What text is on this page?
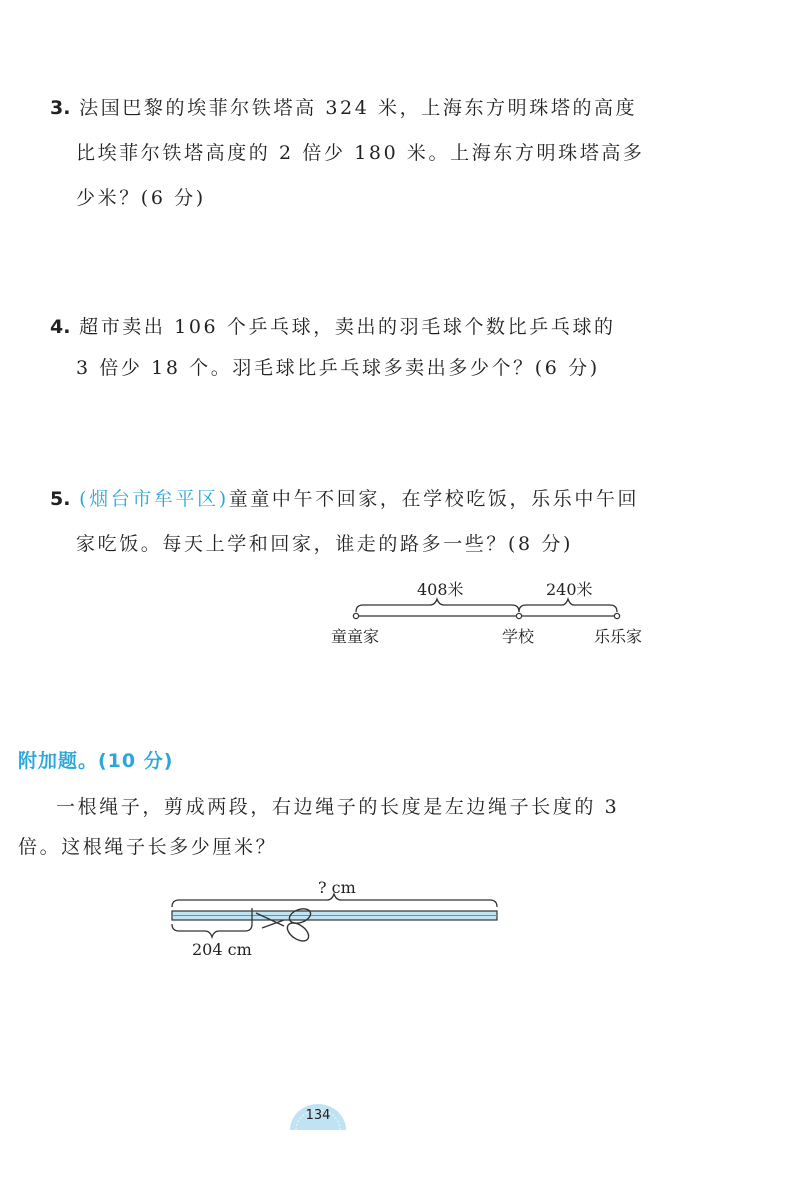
3. 法国巴黎的埃菲尔铁塔高 324 米，上海东方明珠塔的高度

比埃菲尔铁塔高度的 2 倍少 180 米。上海东方明珠塔高多

少米？(6 分)

4. 超市卖出 106 个乒乓球，卖出的羽毛球个数比乒乓球的

3 倍少 18 个。羽毛球比乒乓球多卖出多少个？(6 分)

5. (烟台市牟平区)童童中午不回家，在学校吃饭，乐乐中午回

家吃饭。每天上学和回家，谁走的路多一些？(8 分)

408米	240米
童童家	学校	乐乐家
附加题。(10 分)

一根绳子，剪成两段，右边绳子的长度是左边绳子长度的 3

倍。这根绳子长多少厘米？

? cm
204 cm
134
